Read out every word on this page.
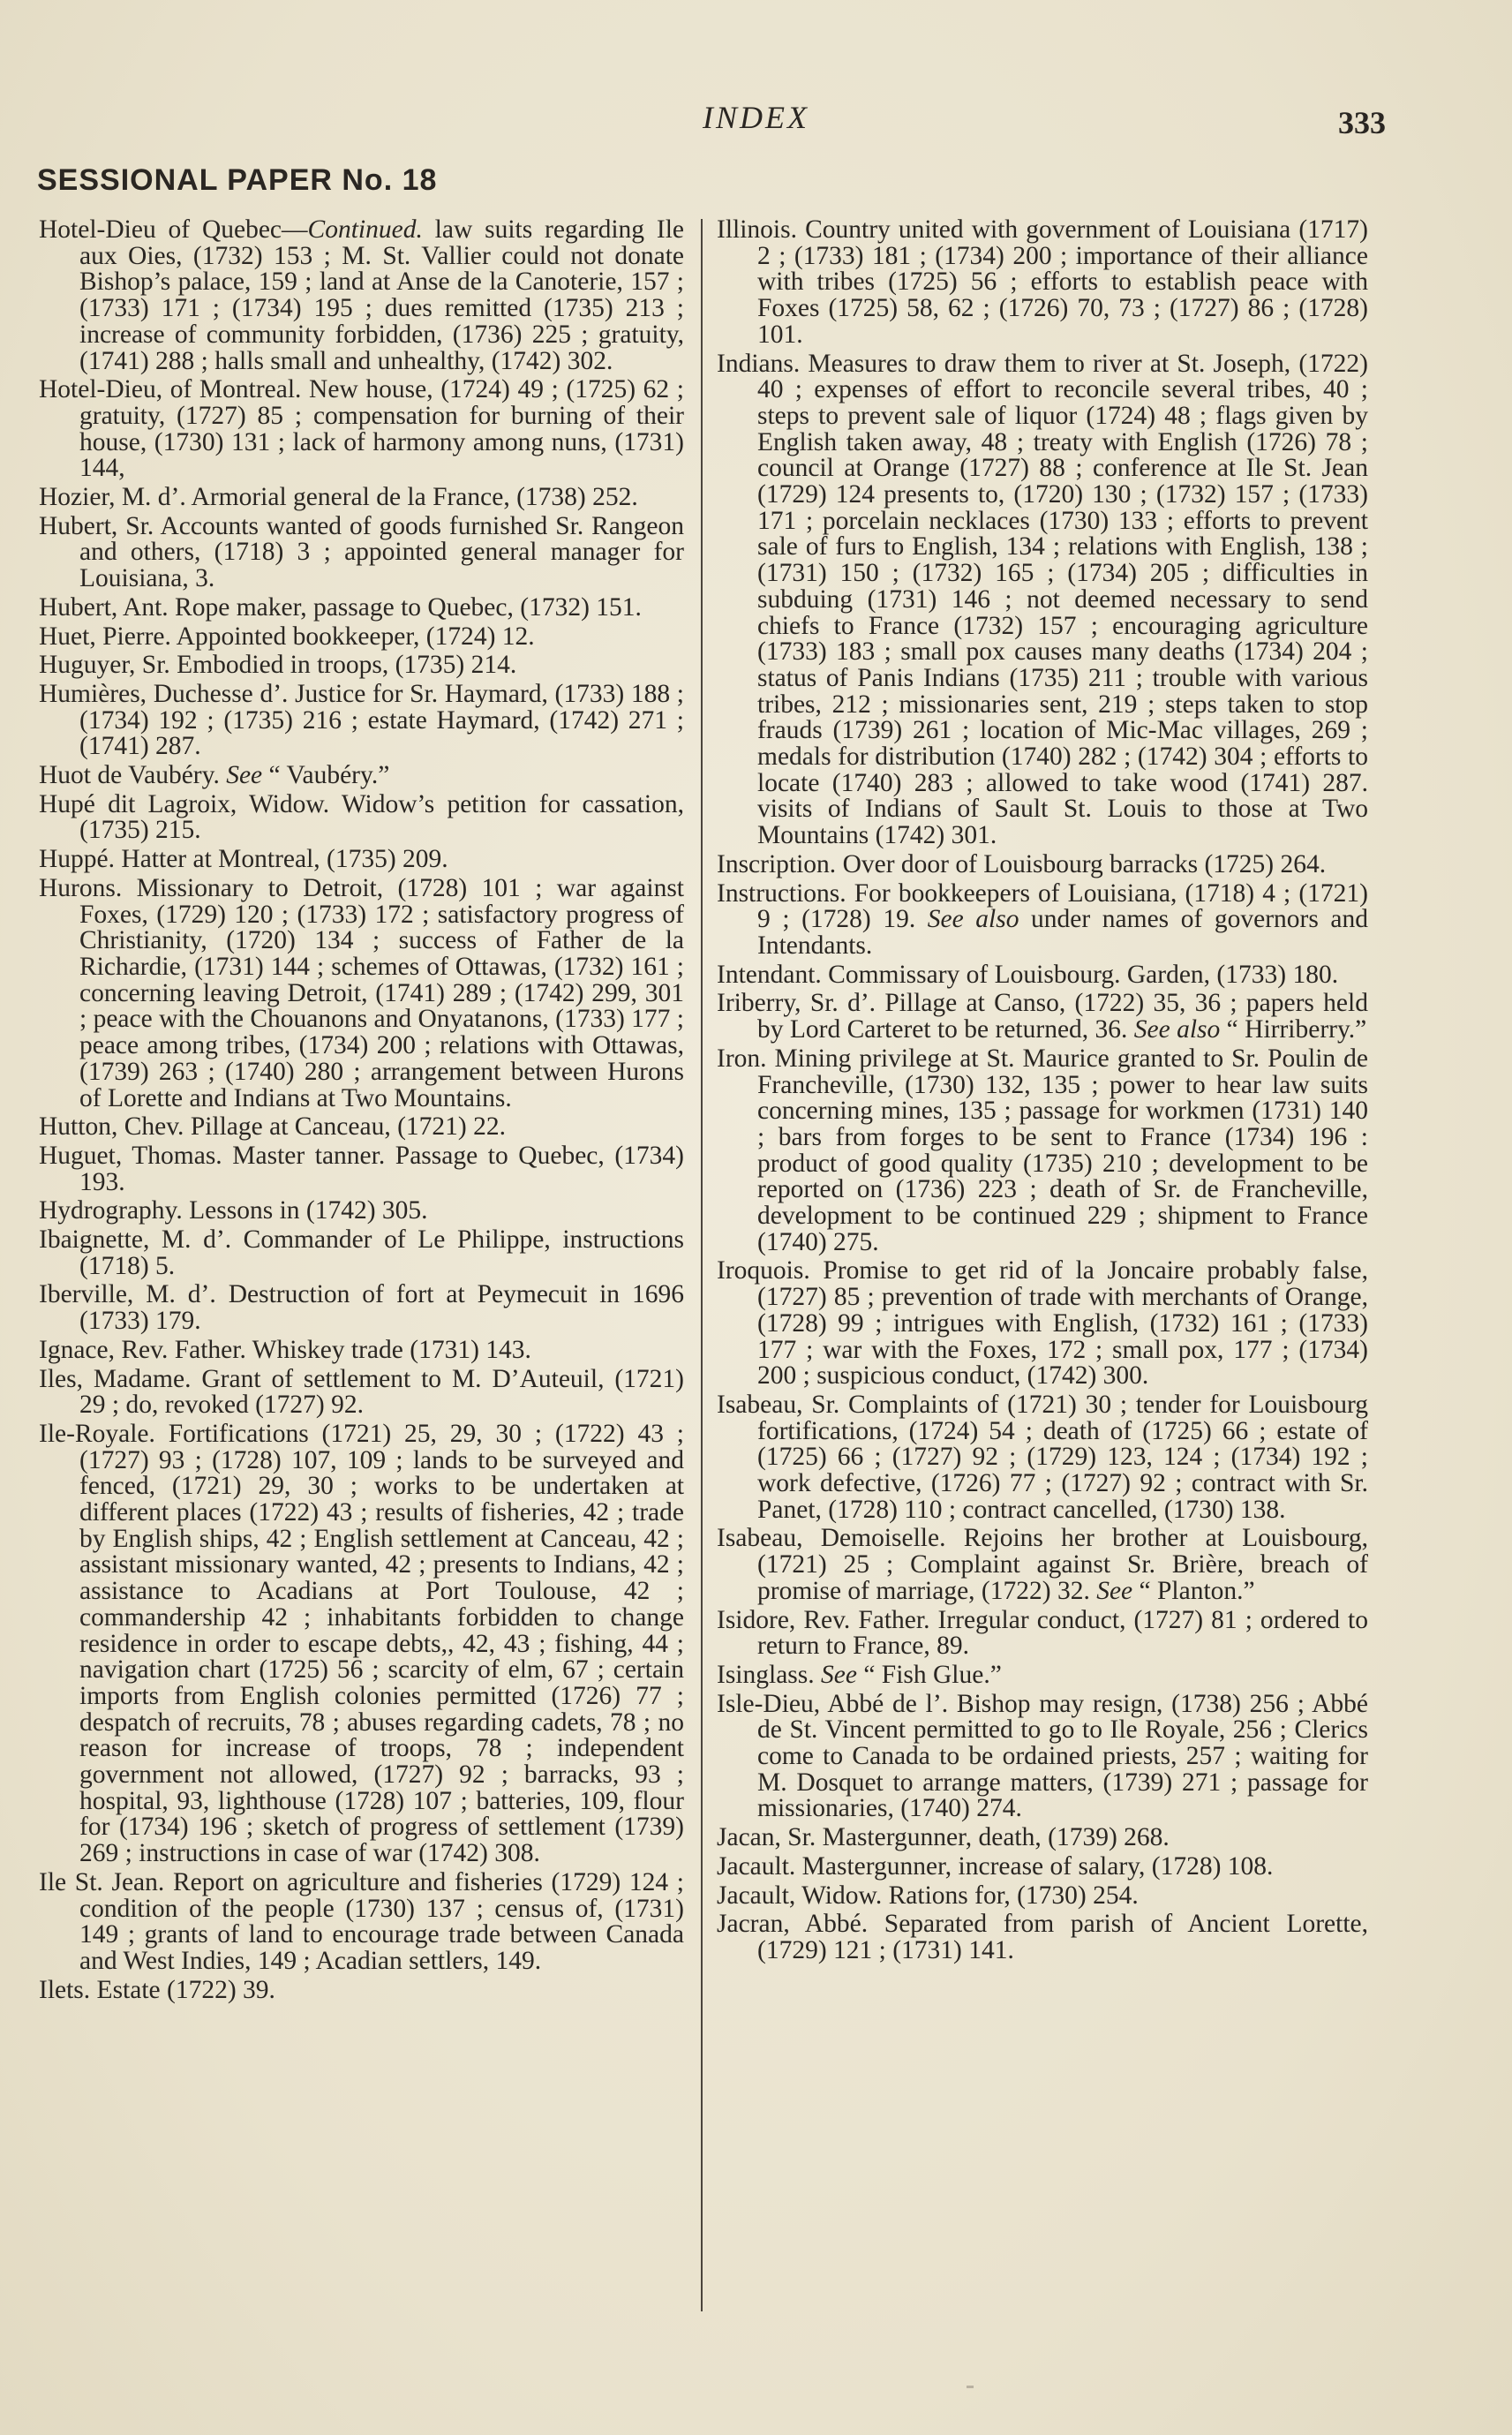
INDEX	333
SESSIONAL PAPER No. 18
Hotel-Dieu of Quebec—Continued. law suits regarding Ile aux Oies, (1732) 153 ; M. St. Vallier could not donate Bishop’s palace, 159 ; land at Anse de la Canoterie, 157 ; (1733) 171 ; (1734) 195 ; dues remitted (1735) 213 ; increase of community forbidden, (1736) 225 ; gratuity, (1741) 288 ; halls small and unhealthy, (1742) 302.
Hotel-Dieu, of Montreal. New house, (1724) 49 ; (1725) 62 ; gratuity, (1727) 85 ; compensation for burning of their house, (1730) 131 ; lack of harmony among nuns, (1731) 144,
Hozier, M. d’. Armorial general de la France, (1738) 252.
Hubert, Sr. Accounts wanted of goods furnished Sr. Rangeon and others, (1718) 3 ; appointed general manager for Louisiana, 3.
Hubert, Ant. Rope maker, passage to Quebec, (1732) 151.
Huet, Pierre. Appointed bookkeeper, (1724) 12.
Huguyer, Sr. Embodied in troops, (1735) 214.
Humières, Duchesse d’. Justice for Sr. Haymard, (1733) 188 ; (1734) 192 ; (1735) 216 ; estate Haymard, (1742) 271 ; (1741) 287.
Huot de Vaubéry. See “ Vaubéry.”
Hupé dit Lagroix, Widow. Widow’s petition for cassation, (1735) 215.
Huppé. Hatter at Montreal, (1735) 209.
Hurons. Missionary to Detroit, (1728) 101 ; war against Foxes, (1729) 120 ; (1733) 172 ; satisfactory progress of Christianity, (1720) 134 ; success of Father de la Richardie, (1731) 144 ; schemes of Ottawas, (1732) 161 ; concerning leaving Detroit, (1741) 289 ; (1742) 299, 301 ; peace with the Chouanons and Onyatanons, (1733) 177 ; peace among tribes, (1734) 200 ; relations with Ottawas, (1739) 263 ; (1740) 280 ; arrangement between Hurons of Lorette and Indians at Two Mountains.
Hutton, Chev. Pillage at Canceau, (1721) 22.
Huguet, Thomas. Master tanner. Passage to Quebec, (1734) 193.
Hydrography. Lessons in (1742) 305.
Ibaignette, M. d’. Commander of Le Philippe, instructions (1718) 5.
Iberville, M. d’. Destruction of fort at Peymecuit in 1696 (1733) 179.
Ignace, Rev. Father. Whiskey trade (1731) 143.
Iles, Madame. Grant of settlement to M. D’Auteuil, (1721) 29 ; do, revoked (1727) 92.
Ile-Royale. Fortifications (1721) 25, 29, 30 ; (1722) 43 ; (1727) 93 ; (1728) 107, 109 ; lands to be surveyed and fenced, (1721) 29, 30 ; works to be undertaken at different places (1722) 43 ; results of fisheries, 42 ; trade by English ships, 42 ; English settlement at Canceau, 42 ; assistant missionary wanted, 42 ; presents to Indians, 42 ; assistance to Acadians at Port Toulouse, 42 ; commandership 42 ; inhabitants forbidden to change residence in order to escape debts,, 42, 43 ; fishing, 44 ; navigation chart (1725) 56 ; scarcity of elm, 67 ; certain imports from English colonies permitted (1726) 77 ; despatch of recruits, 78 ; abuses regarding cadets, 78 ; no reason for increase of troops, 78 ; independent government not allowed, (1727) 92 ; barracks, 93 ; hospital, 93, lighthouse (1728) 107 ; batteries, 109, flour for (1734) 196 ; sketch of progress of settlement (1739) 269 ; instructions in case of war (1742) 308.
Ile St. Jean. Report on agriculture and fisheries (1729) 124 ; condition of the people (1730) 137 ; census of, (1731) 149 ; grants of land to encourage trade between Canada and West Indies, 149 ; Acadian settlers, 149.
Ilets. Estate (1722) 39.
Illinois. Country united with government of Louisiana (1717) 2 ; (1733) 181 ; (1734) 200 ; importance of their alliance with tribes (1725) 56 ; efforts to establish peace with Foxes (1725) 58, 62 ; (1726) 70, 73 ; (1727) 86 ; (1728) 101.
Indians. Measures to draw them to river at St. Joseph, (1722) 40 ; expenses of effort to reconcile several tribes, 40 ; steps to prevent sale of liquor (1724) 48 ; flags given by English taken away, 48 ; treaty with English (1726) 78 ; council at Orange (1727) 88 ; conference at Ile St. Jean (1729) 124 presents to, (1720) 130 ; (1732) 157 ; (1733) 171 ; porcelain necklaces (1730) 133 ; efforts to prevent sale of furs to English, 134 ; relations with English, 138 ; (1731) 150 ; (1732) 165 ; (1734) 205 ; difficulties in subduing (1731) 146 ; not deemed necessary to send chiefs to France (1732) 157 ; encouraging agriculture (1733) 183 ; small pox causes many deaths (1734) 204 ; status of Panis Indians (1735) 211 ; trouble with various tribes, 212 ; missionaries sent, 219 ; steps taken to stop frauds (1739) 261 ; location of Mic-Mac villages, 269 ; medals for distribution (1740) 282 ; (1742) 304 ; efforts to locate (1740) 283 ; allowed to take wood (1741) 287. visits of Indians of Sault St. Louis to those at Two Mountains (1742) 301.
Inscription. Over door of Louisbourg barracks (1725) 264.
Instructions. For bookkeepers of Louisiana, (1718) 4 ; (1721) 9 ; (1728) 19. See also under names of governors and Intendants.
Intendant. Commissary of Louisbourg. Garden, (1733) 180.
Iriberry, Sr. d’. Pillage at Canso, (1722) 35, 36 ; papers held by Lord Carteret to be returned, 36. See also “ Hirriberry.”
Iron. Mining privilege at St. Maurice granted to Sr. Poulin de Francheville, (1730) 132, 135 ; power to hear law suits concerning mines, 135 ; passage for workmen (1731) 140 ; bars from forges to be sent to France (1734) 196 : product of good quality (1735) 210 ; development to be reported on (1736) 223 ; death of Sr. de Francheville, development to be continued 229 ; shipment to France (1740) 275.
Iroquois. Promise to get rid of la Joncaire probably false, (1727) 85 ; prevention of trade with merchants of Orange, (1728) 99 ; intrigues with English, (1732) 161 ; (1733) 177 ; war with the Foxes, 172 ; small pox, 177 ; (1734) 200 ; suspicious conduct, (1742) 300.
Isabeau, Sr. Complaints of (1721) 30 ; tender for Louisbourg fortifications, (1724) 54 ; death of (1725) 66 ; estate of (1725) 66 ; (1727) 92 ; (1729) 123, 124 ; (1734) 192 ; work defective, (1726) 77 ; (1727) 92 ; contract with Sr. Panet, (1728) 110 ; contract cancelled, (1730) 138.
Isabeau, Demoiselle. Rejoins her brother at Louisbourg, (1721) 25 ; Complaint against Sr. Brière, breach of promise of marriage, (1722) 32. See “ Planton.”
Isidore, Rev. Father. Irregular conduct, (1727) 81 ; ordered to return to France, 89.
Isinglass. See “ Fish Glue.”
Isle-Dieu, Abbé de l’. Bishop may resign, (1738) 256 ; Abbé de St. Vincent permitted to go to Ile Royale, 256 ; Clerics come to Canada to be ordained priests, 257 ; waiting for M. Dosquet to arrange matters, (1739) 271 ; passage for missionaries, (1740) 274.
Jacan, Sr. Mastergunner, death, (1739) 268.
Jacault. Mastergunner, increase of salary, (1728) 108.
Jacault, Widow. Rations for, (1730) 254.
Jacran, Abbé. Separated from parish of Ancient Lorette, (1729) 121 ; (1731) 141.
